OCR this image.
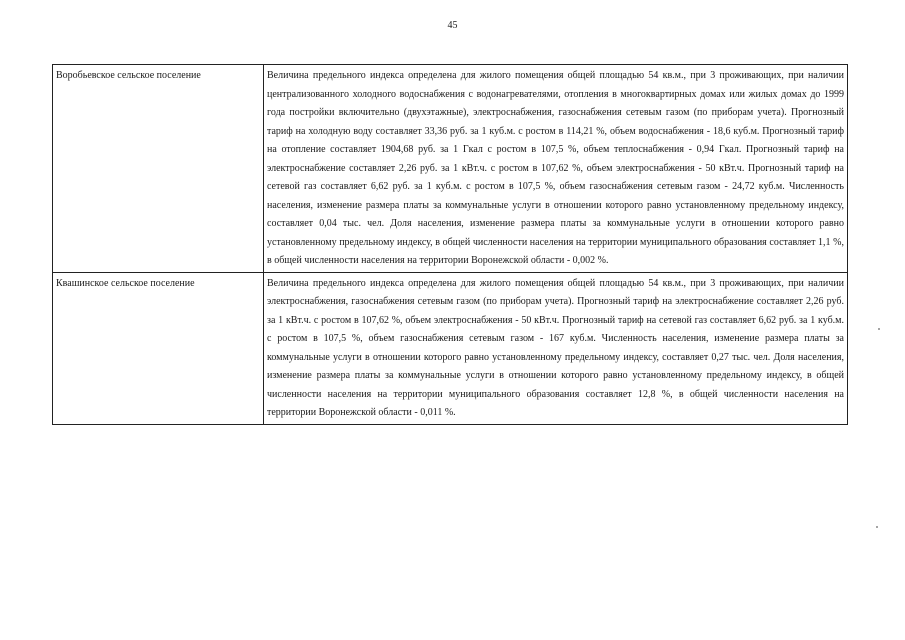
45
Воробьевское сельское поселение	Величина предельного индекса определена для жилого помещения общей площадью 54 кв.м., при 3 проживающих, при наличии централизованного холодного водоснабжения с водонагревателями, отопления в многоквартирных домах или жилых домах до 1999 года постройки включительно (двухэтажные), электроснабжения, газоснабжения сетевым газом (по приборам учета). Прогнозный тариф на холодную воду составляет 33,36 руб. за 1 куб.м. с ростом в 114,21 %, объем водоснабжения - 18,6 куб.м. Прогнозный тариф на отопление составляет 1904,68 руб. за 1 Гкал с ростом в 107,5 %, объем теплоснабжения - 0,94 Гкал. Прогнозный тариф на электроснабжение составляет 2,26 руб. за 1 кВт.ч. с ростом в 107,62 %, объем электроснабжения - 50 кВт.ч. Прогнозный тариф на сетевой газ составляет 6,62 руб. за 1 куб.м. с ростом в 107,5 %, объем газоснабжения сетевым газом - 24,72 куб.м. Численность населения, изменение размера платы за коммунальные услуги в отношении которого равно установленному предельному индексу, составляет 0,04 тыс. чел. Доля населения, изменение размера платы за коммунальные услуги в отношении которого равно установленному предельному индексу, в общей численности населения на территории муниципального образования составляет 1,1 %, в общей численности населения на территории Воронежской области - 0,002 %.
Квашинское сельское поселение	Величина предельного индекса определена для жилого помещения общей площадью 54 кв.м., при 3 проживающих, при наличии электроснабжения, газоснабжения сетевым газом (по приборам учета). Прогнозный тариф на электроснабжение составляет 2,26 руб. за 1 кВт.ч. с ростом в 107,62 %, объем электроснабжения - 50 кВт.ч. Прогнозный тариф на сетевой газ составляет 6,62 руб. за 1 куб.м. с ростом в 107,5 %, объем газоснабжения сетевым газом - 167 куб.м. Численность населения, изменение размера платы за коммунальные услуги в отношении которого равно установленному предельному индексу, составляет 0,27 тыс. чел. Доля населения, изменение размера платы за коммунальные услуги в отношении которого равно установленному предельному индексу, в общей численности населения на территории муниципального образования составляет 12,8 %, в общей численности населения на территории Воронежской области - 0,011 %.
